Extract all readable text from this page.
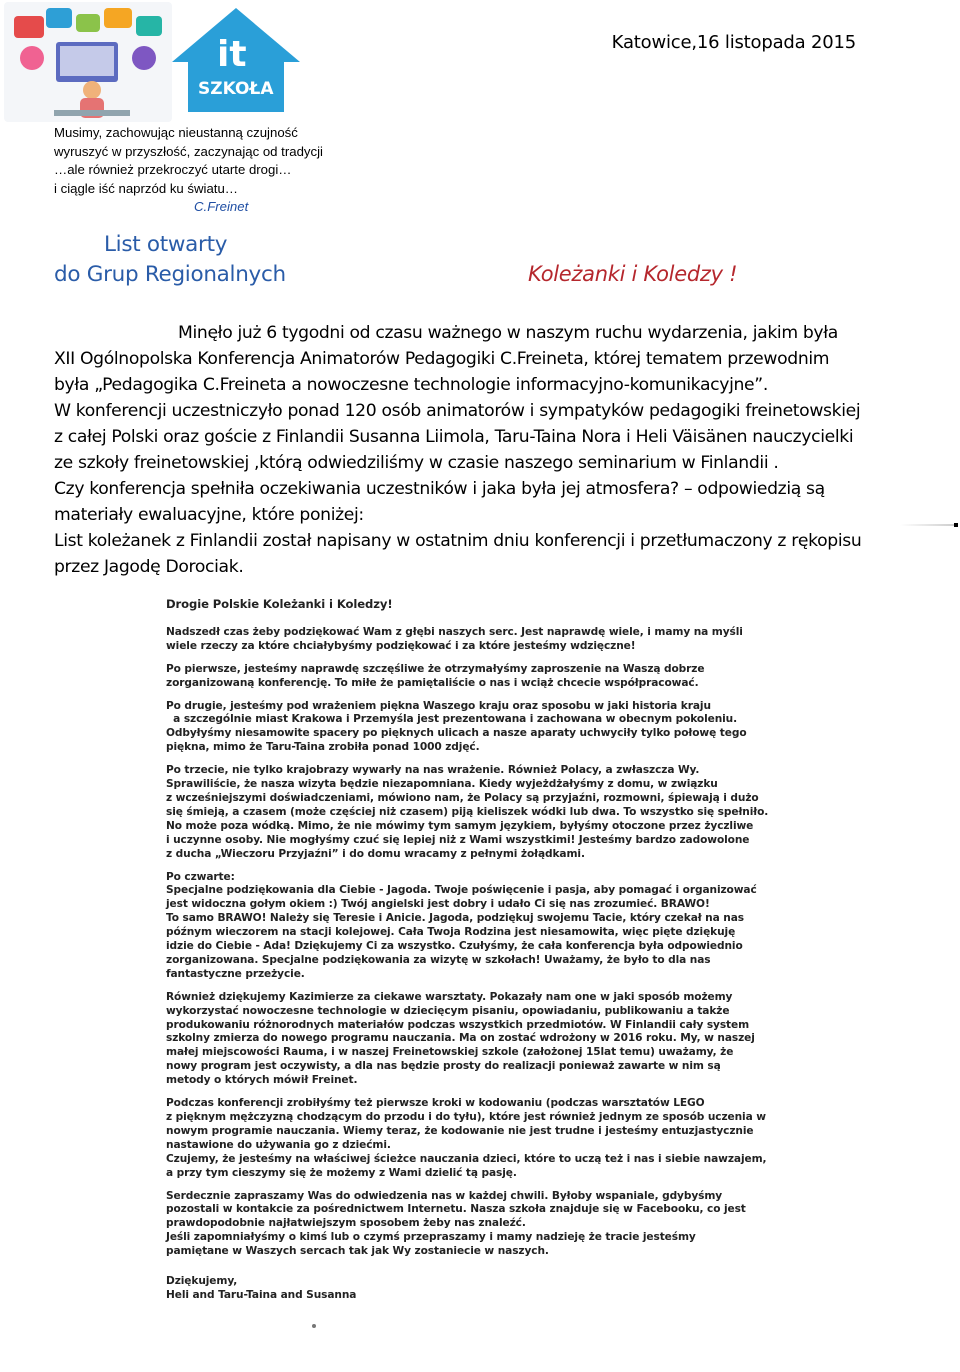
it
SZKOŁA
Katowice,16 listopada 2015
Musimy, zachowując nieustanną czujność
wyruszyć w przyszłość, zaczynając od tradycji
…ale również przekroczyć utarte drogi…
i ciągle iść naprzód ku światu…
C.Freinet
List otwarty
do Grup Regionalnych	Koleżanki i Koledzy !
Minęło już 6 tygodni od czasu ważnego w naszym ruchu wydarzenia, jakim była
XII Ogólnopolska Konferencja Animatorów Pedagogiki C.Freineta, której tematem przewodnim
była „Pedagogika C.Freineta a nowoczesne technologie informacyjno-komunikacyjne”.
W konferencji uczestniczyło ponad 120 osób animatorów i sympatyków pedagogiki freinetowskiej
z całej Polski oraz goście z Finlandii Susanna Liimola, Taru-Taina Nora i Heli Väisänen nauczycielki
ze szkoły freinetowskiej ,którą odwiedziliśmy w czasie naszego seminarium w Finlandii .
Czy konferencja spełniła oczekiwania uczestników i jaka była jej atmosfera? – odpowiedzią są
materiały ewaluacyjne, które poniżej:
List koleżanek z Finlandii został napisany w ostatnim dniu konferencji i przetłumaczony z rękopisu
przez Jagodę Dorociak.
Drogie Polskie Koleżanki i Koledzy!

Nadszedł czas żeby podziękować Wam z głębi naszych serc. Jest naprawdę wiele, i mamy na myśli
wiele rzeczy za które chciałybyśmy podziękować i za które jesteśmy wdzięczne!

Po pierwsze, jesteśmy naprawdę szczęśliwe że otrzymałyśmy zaproszenie na Waszą dobrze
zorganizowaną konferencję. To miłe że pamiętaliście o nas i wciąż chcecie współpracować.

Po drugie, jesteśmy pod wrażeniem piękna Waszego kraju oraz sposobu w jaki historia kraju
a szczególnie miast Krakowa i Przemyśla jest prezentowana i zachowana w obecnym pokoleniu.
Odbyłyśmy niesamowite spacery po pięknych ulicach a nasze aparaty uchwyciły tylko połowę tego
piękna, mimo że Taru-Taina zrobiła ponad 1000 zdjęć.

Po trzecie, nie tylko krajobrazy wywarły na nas wrażenie. Również Polacy, a zwłaszcza Wy.
Sprawiliście, że nasza wizyta będzie niezapomniana. Kiedy wyjeżdżałyśmy z domu, w związku
z wcześniejszymi doświadczeniami, mówiono nam, że Polacy są przyjaźni, rozmowni, śpiewają i dużo
się śmieją, a czasem (może częściej niż czasem) piją kieliszek wódki lub dwa. To wszystko się spełniło.
No może poza wódką. Mimo, że nie mówimy tym samym językiem, byłyśmy otoczone przez życzliwe
i uczynne osoby. Nie mogłyśmy czuć się lepiej niż z Wami wszystkimi! Jesteśmy bardzo zadowolone
z ducha „Wieczoru Przyjaźni” i do domu wracamy z pełnymi żołądkami.

Po czwarte:
Specjalne podziękowania dla Ciebie - Jagoda. Twoje poświęcenie i pasja, aby pomagać i organizować
jest widoczna gołym okiem :) Twój angielski jest dobry i udało Ci się nas zrozumieć. BRAWO!
To samo BRAWO! Należy się Teresie i Anicie. Jagoda, podziękuj swojemu Tacie, który czekał na nas
późnym wieczorem na stacji kolejowej. Cała Twoja Rodzina jest niesamowita, więc pięte dziękuję
idzie do Ciebie - Ada! Dziękujemy Ci za wszystko. Czułyśmy, że cała konferencja była odpowiednio
zorganizowana. Specjalne podziękowania za wizytę w szkołach! Uważamy, że było to dla nas
fantastyczne przeżycie.

Również dziękujemy Kazimierze za ciekawe warsztaty. Pokazały nam one w jaki sposób możemy
wykorzystać nowoczesne technologie w dziecięcym pisaniu, opowiadaniu, publikowaniu a także
produkowaniu różnorodnych materiałów podczas wszystkich przedmiotów. W Finlandii cały system
szkolny zmierza do nowego programu nauczania. Ma on zostać wdrożony w 2016 roku. My, w naszej
małej miejscowości Rauma, i w naszej Freinetowskiej szkole (założonej 15lat temu) uważamy, że
nowy program jest oczywisty, a dla nas będzie prosty do realizacji ponieważ zawarte w nim są
metody o których mówił Freinet.

Podczas konferencji zrobiłyśmy też pierwsze kroki w kodowaniu (podczas warsztatów LEGO
z pięknym mężczyzną chodzącym do przodu i do tyłu), które jest również jednym ze sposób uczenia w
nowym programie nauczania. Wiemy teraz, że kodowanie nie jest trudne i jesteśmy entuzjastycznie
nastawione do używania go z dziećmi.
Czujemy, że jesteśmy na właściwej ścieżce nauczania dzieci, które to uczą też i nas i siebie nawzajem,
a przy tym cieszymy się że możemy z Wami dzielić tą pasję.

Serdecznie zapraszamy Was do odwiedzenia nas w każdej chwili. Byłoby wspaniale, gdybyśmy
pozostali w kontakcie za pośrednictwem Internetu. Nasza szkoła znajduje się w Facebooku, co jest
prawdopodobnie najłatwiejszym sposobem żeby nas znaleźć.
Jeśli zapomniałyśmy o kimś lub o czymś przepraszamy i mamy nadzieję że tracie jesteśmy
pamiętane w Waszych sercach tak jak Wy zostaniecie w naszych.

Dziękujemy,
Heli and Taru-Taina and Susanna
